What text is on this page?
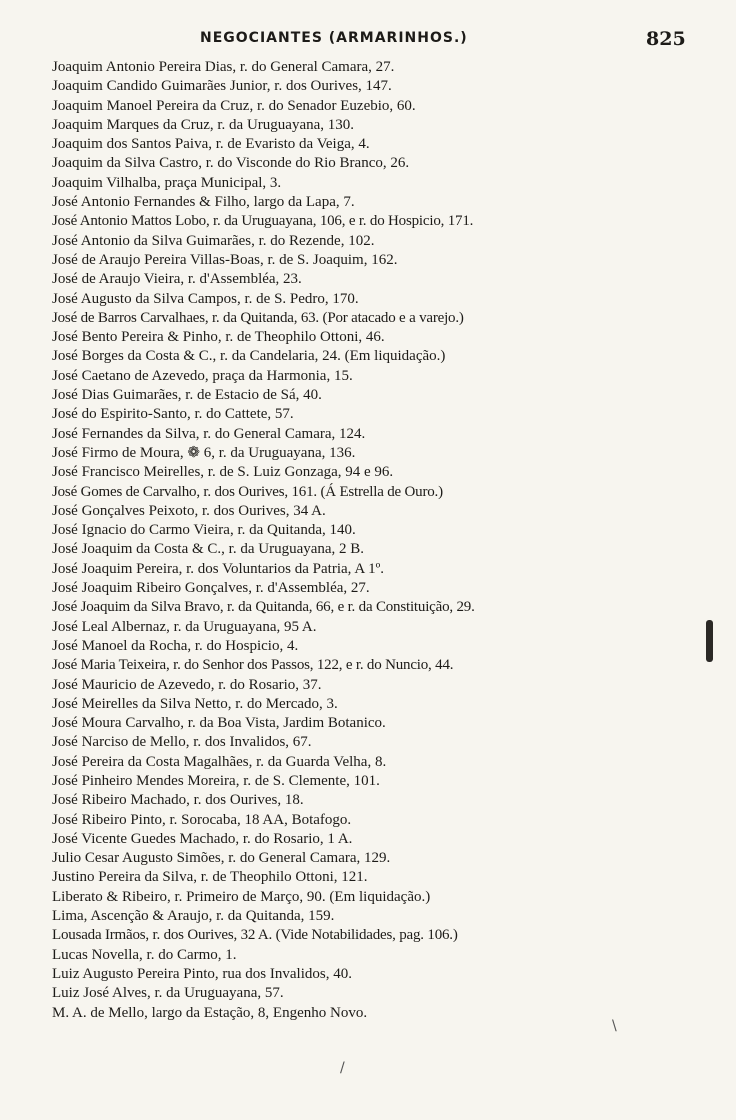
NEGOCIANTES (ARMARINHOS.)	825
Joaquim Antonio Pereira Dias, r. do General Camara, 27.
Joaquim Candido Guimarães Junior, r. dos Ourives, 147.
Joaquim Manoel Pereira da Cruz, r. do Senador Euzebio, 60.
Joaquim Marques da Cruz, r. da Uruguayana, 130.
Joaquim dos Santos Paiva, r. de Evaristo da Veiga, 4.
Joaquim da Silva Castro, r. do Visconde do Rio Branco, 26.
Joaquim Vilhalba, praça Municipal, 3.
José Antonio Fernandes & Filho, largo da Lapa, 7.
José Antonio Mattos Lobo, r. da Uruguayana, 106, e r. do Hospicio, 171.
José Antonio da Silva Guimarães, r. do Rezende, 102.
José de Araujo Pereira Villas-Boas, r. de S. Joaquim, 162.
José de Araujo Vieira, r. d'Assembléa, 23.
José Augusto da Silva Campos, r. de S. Pedro, 170.
José de Barros Carvalhaes, r. da Quitanda, 63. (Por atacado e a varejo.)
José Bento Pereira & Pinho, r. de Theophilo Ottoni, 46.
José Borges da Costa & C., r. da Candelaria, 24. (Em liquidação.)
José Caetano de Azevedo, praça da Harmonia, 15.
José Dias Guimarães, r. de Estacio de Sá, 40.
José do Espirito-Santo, r. do Cattete, 57.
José Fernandes da Silva, r. do General Camara, 124.
José Firmo de Moura, ❁ 6, r. da Uruguayana, 136.
José Francisco Meirelles, r. de S. Luiz Gonzaga, 94 e 96.
José Gomes de Carvalho, r. dos Ourives, 161. (Á Estrella de Ouro.)
José Gonçalves Peixoto, r. dos Ourives, 34 A.
José Ignacio do Carmo Vieira, r. da Quitanda, 140.
José Joaquim da Costa & C., r. da Uruguayana, 2 B.
José Joaquim Pereira, r. dos Voluntarios da Patria, A 1º.
José Joaquim Ribeiro Gonçalves, r. d'Assembléa, 27.
José Joaquim da Silva Bravo, r. da Quitanda, 66, e r. da Constituição, 29.
José Leal Albernaz, r. da Uruguayana, 95 A.
José Manoel da Rocha, r. do Hospicio, 4.
José Maria Teixeira, r. do Senhor dos Passos, 122, e r. do Nuncio, 44.
José Mauricio de Azevedo, r. do Rosario, 37.
José Meirelles da Silva Netto, r. do Mercado, 3.
José Moura Carvalho, r. da Boa Vista, Jardim Botanico.
José Narciso de Mello, r. dos Invalidos, 67.
José Pereira da Costa Magalhães, r. da Guarda Velha, 8.
José Pinheiro Mendes Moreira, r. de S. Clemente, 101.
José Ribeiro Machado, r. dos Ourives, 18.
José Ribeiro Pinto, r. Sorocaba, 18 AA, Botafogo.
José Vicente Guedes Machado, r. do Rosario, 1 A.
Julio Cesar Augusto Simões, r. do General Camara, 129.
Justino Pereira da Silva, r. de Theophilo Ottoni, 121.
Liberato & Ribeiro, r. Primeiro de Março, 90. (Em liquidação.)
Lima, Ascenção & Araujo, r. da Quitanda, 159.
Lousada Irmãos, r. dos Ourives, 32 A. (Vide Notabilidades, pag. 106.)
Lucas Novella, r. do Carmo, 1.
Luiz Augusto Pereira Pinto, rua dos Invalidos, 40.
Luiz José Alves, r. da Uruguayana, 57.
M. A. de Mello, largo da Estação, 8, Engenho Novo.
/
\
